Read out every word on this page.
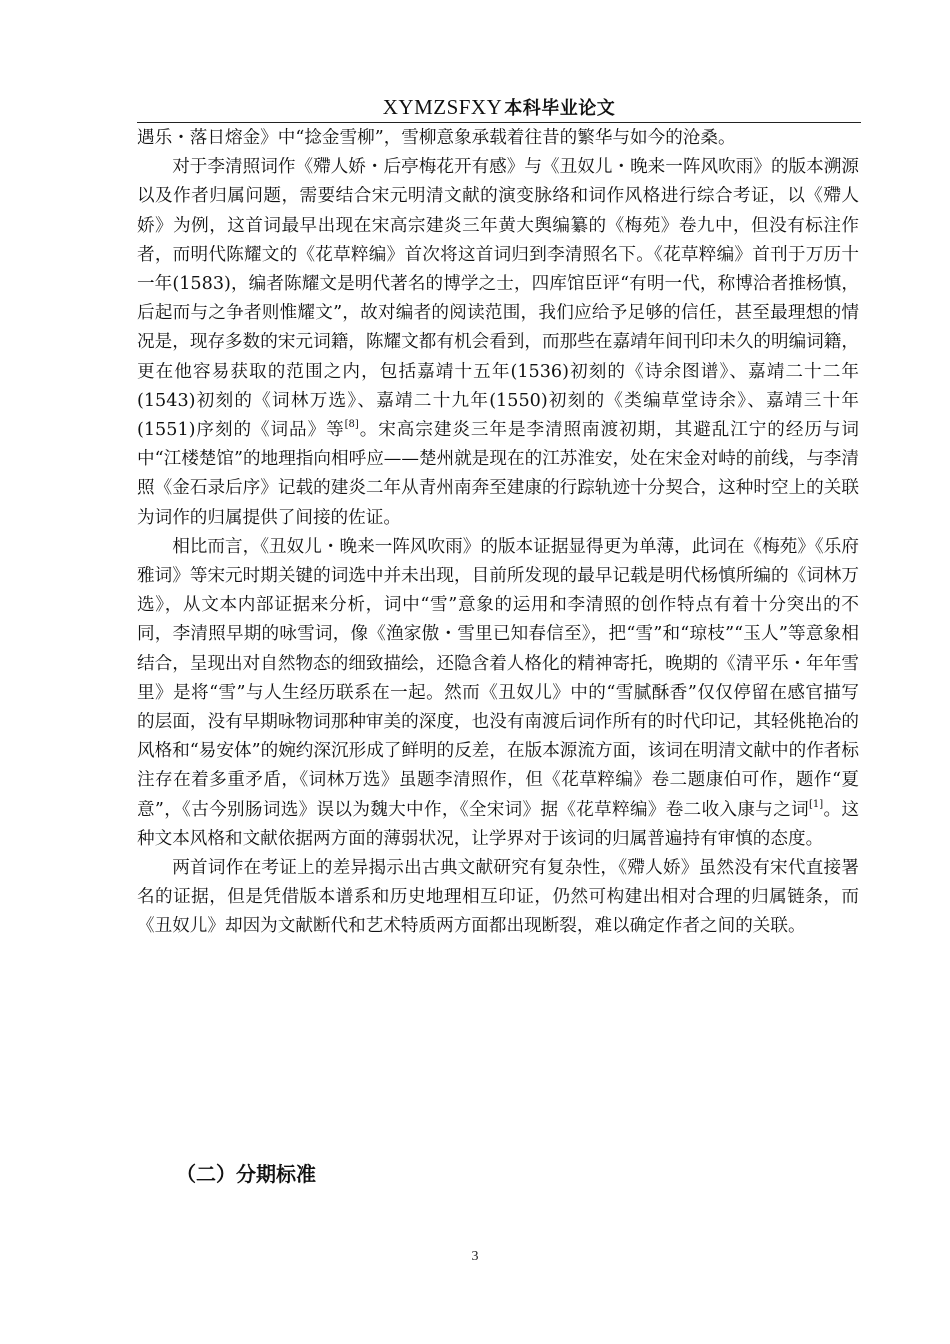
XYMZSFXY 本科毕业论文

遇乐・落日熔金》中“捻金雪柳”，雪柳意象承载着往昔的繁华与如今的沧桑。

对于李清照词作《殢人娇・后亭梅花开有感》与《丑奴儿・晚来一阵风吹雨》的版本溯源以及作者归属问题，需要结合宋元明清文献的演变脉络和词作风格进行综合考证，以《殢人娇》为例，这首词最早出现在宋高宗建炎三年黄大舆编纂的《梅苑》卷九中，但没有标注作者，而明代陈耀文的《花草粹编》首次将这首词归到李清照名下。《花草粹编》首刊于万历十一年(1583)，编者陈耀文是明代著名的博学之士，四库馆臣评“有明一代，称博洽者推杨慎，后起而与之争者则惟耀文”，故对编者的阅读范围，我们应给予足够的信任，甚至最理想的情况是，现存多数的宋元词籍，陈耀文都有机会看到，而那些在嘉靖年间刊印未久的明编词籍，更在他容易获取的范围之内，包括嘉靖十五年(1536)初刻的《诗余图谱》、嘉靖二十二年(1543)初刻的《词林万选》、嘉靖二十九年(1550)初刻的《类编草堂诗余》、嘉靖三十年(1551)序刻的《词品》等[8]。宋高宗建炎三年是李清照南渡初期，其避乱江宁的经历与词中“江楼楚馆”的地理指向相呼应——楚州就是现在的江苏淮安，处在宋金对峙的前线，与李清照《金石录后序》记载的建炎二年从青州南奔至建康的行踪轨迹十分契合，这种时空上的关联为词作的归属提供了间接的佐证。

相比而言，《丑奴儿・晚来一阵风吹雨》的版本证据显得更为单薄，此词在《梅苑》《乐府雅词》等宋元时期关键的词选中并未出现，目前所发现的最早记载是明代杨慎所编的《词林万选》，从文本内部证据来分析，词中“雪”意象的运用和李清照的创作特点有着十分突出的不同，李清照早期的咏雪词，像《渔家傲・雪里已知春信至》，把“雪”和“琼枝”“玉人”等意象相结合，呈现出对自然物态的细致描绘，还隐含着人格化的精神寄托，晚期的《清平乐・年年雪里》是将“雪”与人生经历联系在一起。然而《丑奴儿》中的“雪腻酥香”仅仅停留在感官描写的层面，没有早期咏物词那种审美的深度，也没有南渡后词作所有的时代印记，其轻佻艳冶的风格和“易安体”的婉约深沉形成了鲜明的反差，在版本源流方面，该词在明清文献中的作者标注存在着多重矛盾，《词林万选》虽题李清照作，但《花草粹编》卷二题康伯可作，题作“夏意”，《古今别肠词选》误以为魏大中作，《全宋词》据《花草粹编》卷二收入康与之词[1]。这种文本风格和文献依据两方面的薄弱状况，让学界对于该词的归属普遍持有审慎的态度。

两首词作在考证上的差异揭示出古典文献研究有复杂性，《殢人娇》虽然没有宋代直接署名的证据，但是凭借版本谱系和历史地理相互印证，仍然可构建出相对合理的归属链条，而《丑奴儿》却因为文献断代和艺术特质两方面都出现断裂，难以确定作者之间的关联。

（二）分期标准
3
